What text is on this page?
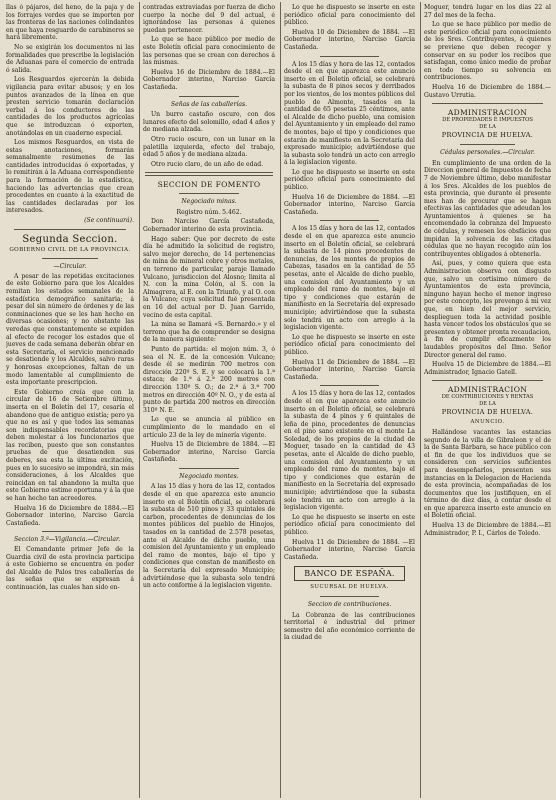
llas ó pájaros, del heno, de la paja y de los forrajes verdes que se importen por las fronteras de las naciones colindantes en que haya resguardo de carabineros se hará libremente.

No se exigirán los documentos ni las formalidades que prescribe la legislación de Aduanas para el comercio de entrada ó salida.

Los Resguardos ejercerán la debida vigilancia para evitar abusos; y en los puntos avanzados de la línea en que presten servicio tomarán declaración verbal á los conductores de las cantidades de los productos agrícolas que se introduzcan ó exporten, anotándolas en un cuaderno especial.

Los mismos Resguardos, en vista de estas anotaciones, formarán semanalmente resúmenes de las cantidades introducidas ó exportadas, y lo remitirán á la Aduana correspondiente para la formación de la estadística, haciendo las advertencias que crean procedentes en cuanto á la exactitud de las cantidades declaradas por los interesados.

(Se continuará).

Segunda Seccion.
GOBIERNO CIVIL DE LA PROVINCIA.

—Circular.

A pesar de las repetidas excitaciones de este Gobierno para que los Alcaldes remitan los estados semanales de la estadística demográfico sanitaria; á pesar del sin número de órdenes y de las conminaciones que se les han hecho en diversas ocasiones; y no obstante las veredas que constantemente se expiden al efecto de recoger los estados que el jueves de cada semana deberán obrar en esta Secretaría, el servicio mencionado se desatiende y los Alcaldes, salvo raras y honrosas excepciones, faltan de un modo lamentable al cumplimiento de esta importante prescripcion.

Este Gobierno creía que con la circular de 16 de Setiembre último, inserta en el Boletín del 17, cesaría el abandono que de antiguo existía; pero ya que no es así y que todos las semanas son indispensables recordatorias que deben molestar á los funcionarios que las reciben, puesto que son constantes pruebas de que desatienden sus deberes, sea esta la última excitación, pues en lo sucesivo se impondrá, sin más consideraciones, á los Alcaldes que reincidan en tal abandono la multa que este Gobierno estime oportuna y á la que se han hecho tan acreedores.

Huelva 16 de Diciembre de 1884.—El Gobernador interino, Narciso García Castañeda.

Seccion 3.ª—Vigilancia.—Circular.

El Comandante primer Jefe de la Guardia civil de esta provincia participa á este Gobierno se encuentra en poder del Alcalde de Palos tres caballerías de las señas que se expresan á continuación, las cuales han sido en-

contradas extraviadas por fuerza de dicho cuerpo la noche del 9 del actual, é ignorándose las personas á quienes puedan pertenecer.

Lo que se hace público por medio de este Boletín oficial para conocimiento de las personas que se crean con derechos á las mismas.

Huelva 16 de Diciembre de 1884.—El Gobernador interino, Narciso García Castañeda.

Señas de las caballerías.

Un burro castaño oscuro, con dos lunares efecto del solomillo, edad 4 años y de mediana alzada.

Otro rucio oscuro, con un lunar en la paletilla izquierda, efecto del trabajo, edad 5 años y de mediana alzada.

Otro rucio claro, de un año de edad.

SECCION DE FOMENTO

Negociado minas.

Registro núm. 5.462.

Don Narciso García Castañeda, Gobernador interino de esta provincia.

Hago saber: Que por decreto de este día he admitido la solicitud de registro, salvo mejor derecho, de 14 pertenencias de mina de mineral cobre y otros metales, en terreno de particular, paraje llamado Vulcano, jurisdiccion del Alosno; limita al N. con la mina Colón, al S. con la Almagrera, al E. con la Triunfo, y al O. con la Vulcano; cuya solicitud fué presentada en 16 del actual por D. Juan Garrido, vecino de esta capital.

La mina se llamará «S. Bernardo.» y el terreno que ha de comprender se designa de la manera siguiente:

Punto de partida: el mojon núm. 3, ó sea el N. E. de la concesión Vulcano; desde él se medirán 700 metros con dirección 220º S. E. y se colocará la 1.ª estaca; de 1.ª á 2.ª 200 metros con dirección 130º S. O.; de 2.ª á 3.ª 700 metros en dirección 40º N. O., y de esta al punto de partida 200 metros en dirección 310º N. E.

Lo que se anuncia al público en cumplimiento de lo mandado en el artículo 23 de la ley de minería vigente.

Huelva 15 de Diciembre de 1884. —El Gobernador interino, Narciso García Castañeda.

Negociado montes.

A las 15 días y hora de las 12, contados desde el en que aparezca este anuncio inserto en el Boletín oficial, se celebrará la subasta de 510 pinos y 33 quintales de carbon, procedentes de denuncias de los montes públicos del pueblo de Hinojos, tasados en la cantidad de 2.578 pesetas, ante el Alcalde de dicho pueblo, una comision del Ayuntamiento y un empleado del ramo de montes, bajo el tipo y condiciones que constan de manifiesto en la Secretaría del expresado Municipio; advirtiéndose que la subasta solo tendrá un acto conforme á la legislacion vigente.

Lo que he dispuesto se inserte en este periódico oficial para conocimiento del público.

Huelva 10 de Diciembre de 1884. —El Gobernador interino, Narciso García Castañeda.

A los 15 días y hora de las 12, contados desde el en que aparezca este anuncio inserto en el Boletín oficial, se celebrará la subasta de 8 pinos secos y derribados por los vientos, de los montes públicos del pueblo de Almonte, tasados en la cantidad de 65 pesetas 25 céntimos, ante el Alcalde de dicho pueblo, una comision del Ayuntamiento y un empleado del ramo de montes, bajo el tipo y condiciones que estarán de manifiesto en la Secretaría del expresado municipio; advirtiéndose que la subasta solo tendrá un acto con arreglo á la legislacion vigente.

Lo que he dispuesto se inserte en este periódico oficial para conocimiento del público.

Huelva 16 de Diciembre de 1884. —El Gobernador interino, Narciso García Castañeda.

A los 15 días y hora de las 12, contados desde el en que aparezca este anuncio inserto en el Boletín oficial, se celebrará la subasta de 14 pinos procedentes de denuncias, de los montes de propios de Cabezas, tasados en la cantidad de 55 pesetas, ante el Alcalde de dicho pueblo, una comision del Ayuntamiento y un empleado del ramo de montes, bajo el tipo y condiciones que estarán de manifiesto en la Secretaría del expresado municipio; advirtiéndose que la subasta solo tendrá un acto con arreglo á la legislacion vigente.

Lo que he dispuesto se inserte en este periódico oficial para conocimiento del público.

Huelva 11 de Diciembre de 1884. —El Gobernador interino, Narciso García Castañeda.

A los 15 días y hora de las 12, contados desde el en que aparezca este anuncio inserto en el Boletín oficial, se celebrará la subasta de 4 pinos y 6 quintales de leña de pino, procedentes de denuncias en el pino sano existente en el monte La Soledad, de los propios de la ciudad de Moguer, tasado en la cantidad de 43 pesetas, ante el Alcalde de dicho pueblo, una comision del Ayuntamiento y un empleado del ramo de montes, bajo el tipo y condiciones que estarán de manifiesto en la Secretaría del expresado municipio; advirtiéndose que la subasta solo tendrá un acto con arreglo á la legislacion vigente.

Lo que he dispuesto se inserte en este periódico oficial para conocimiento del público.

Huelva 11 de Diciembre de 1884. —El Gobernador interino, Narciso García Castañeda.

BANCO DE ESPAÑA.
SUCURSAL DE HUELVA.

Seccion de contribuciones.

La Cobranza de las contribuciones territorial é industrial del primer semestre del año económico corriente de la ciudad de

Moguer, tendrá lugar en los días 22 al 27 del mes de la fecha.

Lo que se hace público por medio de este periódico oficial para conocimiento de los Sres. Contribuyentes, á quienes se previene que deben recoger y conservar en su poder los recibos que satisfagan, como único medio de probar en todo tiempo su solvencia en contribuciones.

Huelva 16 de Diciembre de 1884.—Gustavo Urrutia.

ADMINISTRACION
DE PROPIEDADES É IMPUESTOS
DE LA
PROVINCIA DE HUELVA.

Cédulas personales.—Circular.

En cumplimiento de una orden de la Direccion general de Impuestos de fecha 7 de Noviembre último, debo manifestar á los Sres. Alcaldes de los pueblos de esta provincia, que durante el presente mes han de procurar que se hagan efectivas las cantidades que adeudan los Ayuntamientos á quienes se ha encomendado la cobranza del Impuesto de cédulas, y remesen los obsfácios que impidan la solvencia de las citadas cédulas que no hayan recogido aún los contribuyentes obligados á obtenerla.

Así, pues, y como quiera que esta Administracion observa con disgusto que, salvo un cortísimo número de Ayuntamientos de esta provincia, ninguno hayan hecho el menor ingreso por este concepto, les prevengo á mi vez que, en bien del mejor servicio, desplieguen toda la actividad posible hasta vencer todos los obstáculos que se presenten y obtener pronta recaudacion, á fin de cumplir eficazmente los laudables propósitos del Ilmo. Señor Director general del ramo.

Huelva 15 de Diciembre de 1884.—El Administrador, Ignacio Gatell.

ADMINISTRACION
DE CONTRIBUCIONES Y RENTAS
DE LA
PROVINCIA DE HUELVA.
ANUNCIO.

Hallándose vacantes las estancias segundo de la villa de Gibraleon y el de la de Santa Bárbara, se hace público con el fin de que los individuos que se consideren con servicios suficientes para desempeñarlos, presenten sus instancias en la Delegacion de Hacienda de esta provincia, acompañadas de los documentos que los justifiquen, en el término de diez días, á contar desde el en que aparezca inserto este anuncio en el Boletín oficial.

Huelva 13 de Diciembre de 1884.—El Administrador, P. I., Cárlos de Toledo.
